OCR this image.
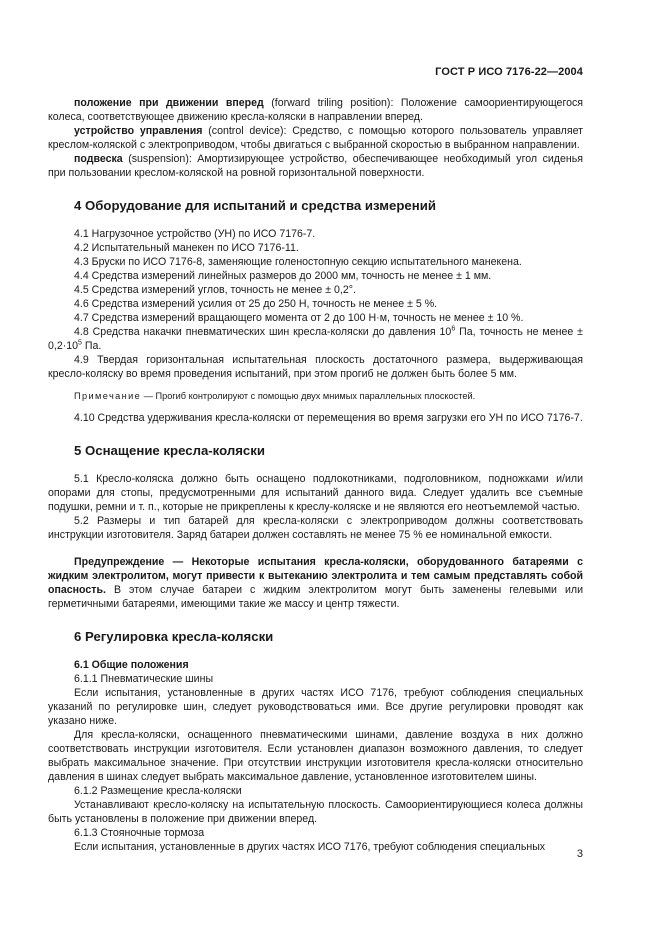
ГОСТ Р ИСО 7176-22—2004

положение при движении вперед (forward triling position): Положение самоориентирующегося колеса, соответствующее движению кресла-коляски в направлении вперед.

устройство управления (control device): Средство, с помощью которого пользователь управляет креслом-коляской с электроприводом, чтобы двигаться с выбранной скоростью в выбранном направлении.

подвеска (suspension): Амортизирующее устройство, обеспечивающее необходимый угол сиденья при пользовании креслом-коляской на ровной горизонтальной поверхности.

4 Оборудование для испытаний и средства измерений

4.1 Нагрузочное устройство (УН) по ИСО 7176-7.

4.2 Испытательный манекен по ИСО 7176-11.

4.3 Бруски по ИСО 7176-8, заменяющие голеностопную секцию испытательного манекена.

4.4 Средства измерений линейных размеров до 2000 мм, точность не менее ± 1 мм.

4.5 Средства измерений углов, точность не менее ± 0,2°.

4.6 Средства измерений усилия от 25 до 250 Н, точность не менее ± 5 %.

4.7 Средства измерений вращающего момента от 2 до 100 Н·м, точность не менее ± 10 %.

4.8 Средства накачки пневматических шин кресла-коляски до давления $10^6$ Па, точность не менее ± $0,2\cdot 10^5$ Па.

4.9 Твердая горизонтальная испытательная плоскость достаточного размера, выдерживающая кресло-коляску во время проведения испытаний, при этом прогиб не должен быть более 5 мм.

Примечание — Прогиб контролируют с помощью двух мнимых параллельных плоскостей.

4.10 Средства удерживания кресла-коляски от перемещения во время загрузки его УН по ИСО 7176-7.

5 Оснащение кресла-коляски

5.1 Кресло-коляска должно быть оснащено подлокотниками, подголовником, подножками и/или опорами для стопы, предусмотренными для испытаний данного вида. Следует удалить все съемные подушки, ремни и т. п., которые не прикреплены к креслу-коляске и не являются его неотъемлемой частью.

5.2 Размеры и тип батарей для кресла-коляски с электроприводом должны соответствовать инструкции изготовителя. Заряд батареи должен составлять не менее 75 % ее номинальной емкости.

Предупреждение — Некоторые испытания кресла-коляски, оборудованного батареями с жидким электролитом, могут привести к вытеканию электролита и тем самым представлять собой опасность. В этом случае батареи с жидким электролитом могут быть заменены гелевыми или герметичными батареями, имеющими такие же массу и центр тяжести.

6 Регулировка кресла-коляски

6.1 Общие положения

6.1.1 Пневматические шины

Если испытания, установленные в других частях ИСО 7176, требуют соблюдения специальных указаний по регулировке шин, следует руководствоваться ими. Все другие регулировки проводят как указано ниже.

Для кресла-коляски, оснащенного пневматическими шинами, давление воздуха в них должно соответствовать инструкции изготовителя. Если установлен диапазон возможного давления, то следует выбрать максимальное значение. При отсутствии инструкции изготовителя кресла-коляски относительно давления в шинах следует выбрать максимальное давление, установленное изготовителем шины.

6.1.2 Размещение кресла-коляски

Устанавливают кресло-коляску на испытательную плоскость. Самоориентирующиеся колеса должны быть установлены в положение при движении вперед.

6.1.3 Стояночные тормоза

Если испытания, установленные в других частях ИСО 7176, требуют соблюдения специальных

3
